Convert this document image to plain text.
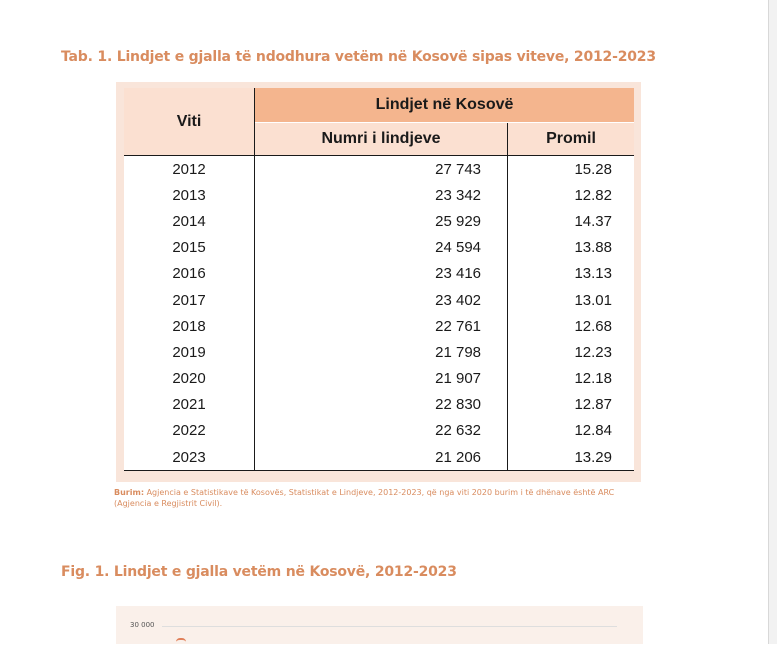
Tab. 1. Lindjet e gjalla të ndodhura vetëm në Kosovë sipas viteve, 2012-2023
Viti	Lindjet në Kosovë	
	Numri i lindjeve	Promil
2012	27 743	15.28
2013	23 342	12.82
2014	25 929	14.37
2015	24 594	13.88
2016	23 416	13.13
2017	23 402	13.01
2018	22 761	12.68
2019	21 798	12.23
2020	21 907	12.18
2021	22 830	12.87
2022	22 632	12.84
2023	21 206	13.29
Burim: Agjencia e Statistikave të Kosovës, Statistikat e Lindjeve, 2012-2023, që nga viti 2020 burim i të dhënave është ARC (Agjencia e Regjistrit Civil).
Fig. 1. Lindjet e gjalla vetëm në Kosovë, 2012-2023
30 000
